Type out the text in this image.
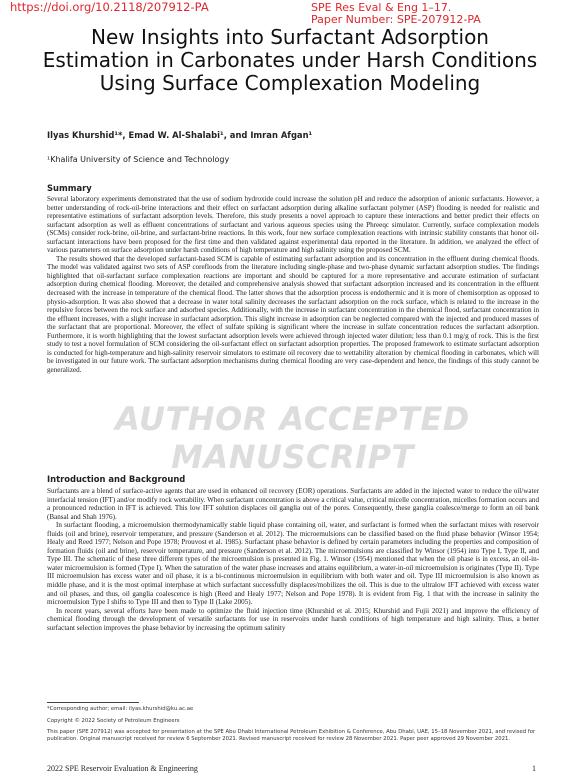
https://doi.org/10.2118/207912-PA	SPE Res Eval & Eng 1–17.
Paper Number: SPE-207912-PA
New Insights into Surfactant Adsorption Estimation in Carbonates under Harsh Conditions Using Surface Complexation Modeling
Ilyas Khurshid¹*, Emad W. Al-Shalabi¹, and Imran Afgan¹
¹Khalifa University of Science and Technology
Summary

Several laboratory experiments demonstrated that the use of sodium hydroxide could increase the solution pH and reduce the adsorption of anionic surfactants. However, a better understanding of rock-oil-brine interactions and their effect on surfactant adsorption during alkaline surfactant polymer (ASP) flooding is needed for realistic and representative estimations of surfactant adsorption levels. Therefore, this study presents a novel approach to capture these interactions and better predict their effects on surfactant adsorption as well as effluent concentrations of surfactant and various aqueous species using the Phreeqc simulator. Currently, surface complexation models (SCMs) consider rock-brine, oil-brine, and surfactant-brine reactions. In this work, four new surface complexation reactions with intrinsic stability constants that honor oil-surfactant interactions have been proposed for the first time and then validated against experimental data reported in the literature. In addition, we analyzed the effect of various parameters on surface adsorption under harsh conditions of high temperature and high salinity using the proposed SCM.

The results showed that the developed surfactant-based SCM is capable of estimating surfactant adsorption and its concentration in the effluent during chemical floods. The model was validated against two sets of ASP corefloods from the literature including single-phase and two-phase dynamic surfactant adsorption studies. The findings highlighted that oil-surfactant surface complexation reactions are important and should be captured for a more representative and accurate estimation of surfactant adsorption during chemical flooding. Moreover, the detailed and comprehensive analysis showed that surfactant adsorption increased and its concentration in the effluent decreased with the increase in temperature of the chemical flood. The latter shows that the adsorption process is endothermic and it is more of chemisorption as opposed to physio-adsorption. It was also showed that a decrease in water total salinity decreases the surfactant adsorption on the rock surface, which is related to the increase in the repulsive forces between the rock surface and adsorbed species. Additionally, with the increase in surfactant concentration in the chemical flood, surfactant concentration in the effluent increases, with a slight increase in surfactant adsorption. This slight increase in adsorption can be neglected compared with the injected and produced masses of the surfactant that are proportional. Moreover, the effect of sulfate spiking is significant where the increase in sulfate concentration reduces the surfactant adsorption. Furthermore, it is worth highlighting that the lowest surfactant adsorption levels were achieved through injected water dilution; less than 0.1 mg/g of rock. This is the first study to test a novel formulation of SCM considering the oil-surfactant effect on surfactant adsorption properties. The proposed framework to estimate surfactant adsorption is conducted for high-temperature and high-salinity reservoir simulators to estimate oil recovery due to wettability alteration by chemical flooding in carbonates, which will be investigated in our future work. The surfactant adsorption mechanisms during chemical flooding are very case-dependent and hence, the findings of this study cannot be generalized.

AUTHOR ACCEPTED MANUSCRIPT
Introduction and Background

Surfactants are a blend of surface-active agents that are used in enhanced oil recovery (EOR) operations. Surfactants are added in the injected water to reduce the oil/water interfacial tension (IFT) and/or modify rock wettability. When surfactant concentration is above a critical value, critical micelle concentration, micelles formation occurs and a pronounced reduction in IFT is achieved. This low IFT solution displaces oil ganglia out of the pores. Consequently, these ganglia coalesce/merge to form an oil bank (Bansal and Shah 1976).

In surfactant flooding, a microemulsion thermodynamically stable liquid phase containing oil, water, and surfactant is formed when the surfactant mixes with reservoir fluids (oil and brine), reservoir temperature, and pressure (Sanderson et al. 2012). The microemulsions can be classified based on the fluid phase behavior (Winsor 1954; Healy and Reed 1977; Nelson and Pope 1978; Prouvost et al. 1985). Surfactant phase behavior is defined by certain parameters including the properties and composition of formation fluids (oil and brine), reservoir temperature, and pressure (Sanderson et al. 2012). The microemulsions are classified by Winsor (1954) into Type I, Type II, and Type III. The schematic of these three different types of the microemulsion is presented in Fig. 1. Winsor (1954) mentioned that when the oil phase is in excess, an oil-in-water microemulsion is formed (Type I). When the saturation of the water phase increases and attains equilibrium, a water-in-oil microemulsion is originates (Type II). Type III microemulsion has excess water and oil phase, it is a bi-continuous microemulsion in equilibrium with both water and oil. Type III microemulsion is also known as middle phase, and it is the most optimal interphase at which surfactant successfully displaces/mobilizes the oil. This is due to the ultralow IFT achieved with excess water and oil phases, and thus, oil ganglia coalescence is high (Reed and Healy 1977; Nelson and Pope 1978). It is evident from Fig. 1 that with the increase in salinity the microemulsion Type I shifts to Type III and then to Type II (Lake 2005).

In recent years, several efforts have been made to optimize the fluid injection time (Khurshid et al. 2015; Khurshid and Fujii 2021) and improve the efficiency of chemical flooding through the development of versatile surfactants for use in reservoirs under harsh conditions of high temperature and high salinity. Thus, a better surfactant selection improves the phase behavior by increasing the optimum salinity

*Corresponding author; email: ilyas.khurshid@ku.ac.ae
Copyright © 2022 Society of Petroleum Engineers
This paper (SPE 207912) was accepted for presentation at the SPE Abu Dhabi International Petroleum Exhibition & Conference, Abu Dhabi, UAE, 15–18 November 2021, and revised for publication. Original manuscript received for review 6 September 2021. Revised manuscript received for review 28 November 2021. Paper peer approved 29 November 2021.
2022 SPE Reservoir Evaluation & Engineering	1
